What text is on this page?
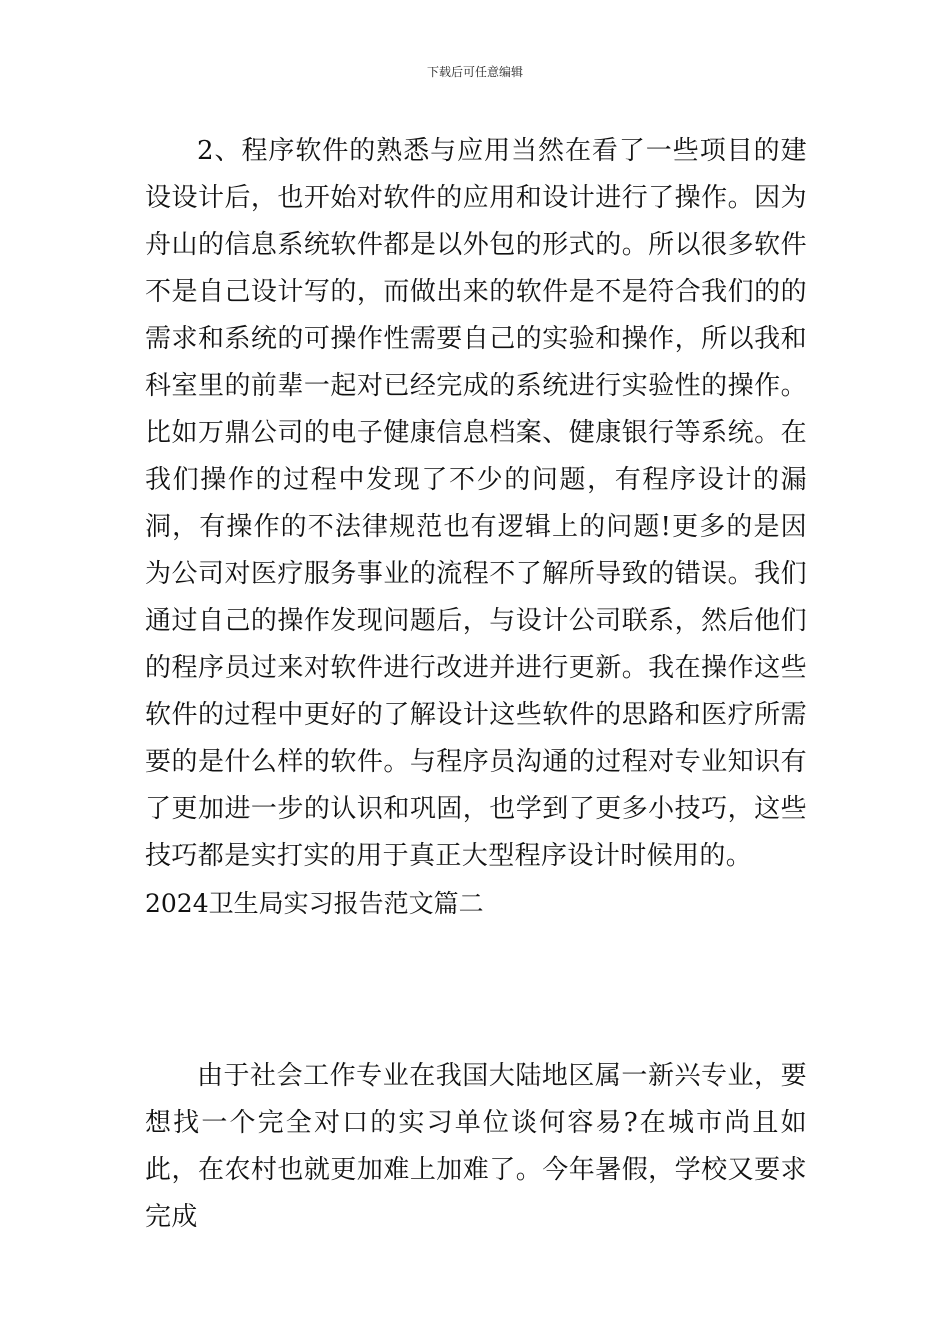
下载后可任意编辑

2、程序软件的熟悉与应用当然在看了一些项目的建设设计后，也开始对软件的应用和设计进行了操作。因为舟山的信息系统软件都是以外包的形式的。所以很多软件不是自己设计写的，而做出来的软件是不是符合我们的的需求和系统的可操作性需要自己的实验和操作，所以我和科室里的前辈一起对已经完成的系统进行实验性的操作。比如万鼎公司的电子健康信息档案、健康银行等系统。在我们操作的过程中发现了不少的问题，有程序设计的漏洞，有操作的不法律规范也有逻辑上的问题!更多的是因为公司对医疗服务事业的流程不了解所导致的错误。我们通过自己的操作发现问题后，与设计公司联系，然后他们的程序员过来对软件进行改进并进行更新。我在操作这些软件的过程中更好的了解设计这些软件的思路和医疗所需要的是什么样的软件。与程序员沟通的过程对专业知识有了更加进一步的认识和巩固，也学到了更多小技巧，这些技巧都是实打实的用于真正大型程序设计时候用的。

2024卫生局实习报告范文篇二

由于社会工作专业在我国大陆地区属一新兴专业，要想找一个完全对口的实习单位谈何容易?在城市尚且如此，在农村也就更加难上加难了。今年暑假，学校又要求完成
